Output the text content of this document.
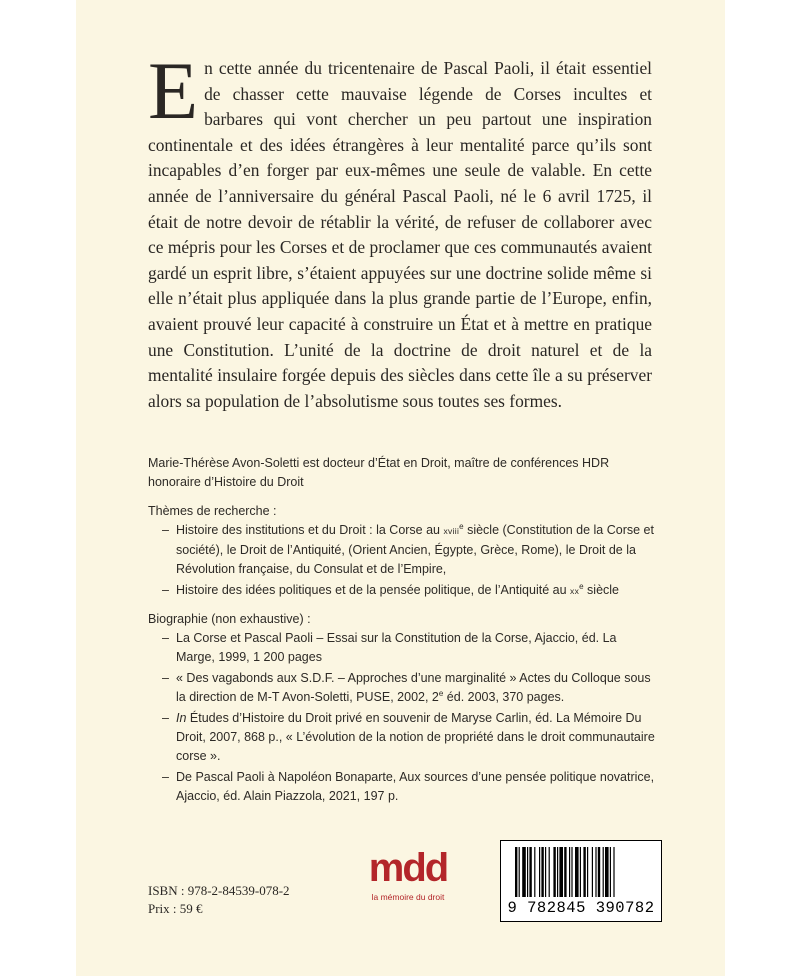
En cette année du tricentenaire de Pascal Paoli, il était essentiel de chasser cette mauvaise légende de Corses incultes et barbares qui vont chercher un peu partout une inspiration continentale et des idées étrangères à leur mentalité parce qu’ils sont incapables d’en forger par eux-mêmes une seule de valable. En cette année de l’anniversaire du général Pascal Paoli, né le 6 avril 1725, il était de notre devoir de rétablir la vérité, de refuser de collaborer avec ce mépris pour les Corses et de proclamer que ces communautés avaient gardé un esprit libre, s’étaient appuyées sur une doctrine solide même si elle n’était plus appliquée dans la plus grande partie de l’Europe, enfin, avaient prouvé leur capacité à construire un État et à mettre en pratique une Constitution. L’unité de la doctrine de droit naturel et de la mentalité insulaire forgée depuis des siècles dans cette île a su préserver alors sa population de l’absolutisme sous toutes ses formes.

Marie-Thérèse Avon-Soletti est docteur d’État en Droit, maître de conférences HDR honoraire d’Histoire du Droit

Thèmes de recherche :
– Histoire des institutions et du Droit : la Corse au xviii$^e$ siècle (Constitution de la Corse et société), le Droit de l’Antiquité, (Orient Ancien, Égypte, Grèce, Rome), le Droit de la Révolution française, du Consulat et de l’Empire,
– Histoire des idées politiques et de la pensée politique, de l’Antiquité au $xx^e$ siècle
Biographie (non exhaustive) :
– La Corse et Pascal Paoli – Essai sur la Constitution de la Corse, Ajaccio, éd. La Marge, 1999, 1 200 pages
– « Des vagabonds aux S.D.F. – Approches d’une marginalité » Actes du Colloque sous la direction de M-T Avon-Soletti, PUSE, 2002, 2e éd. 2003, 370 pages.
– In Études d’Histoire du Droit privé en souvenir de Maryse Carlin, éd. La Mémoire Du Droit, 2007, 868 p., « L’évolution de la notion de propriété dans le droit communautaire corse ».
– De Pascal Paoli à Napoléon Bonaparte, Aux sources d’une pensée politique novatrice, Ajaccio, éd. Alain Piazzola, 2021, 197 p.
ISBN : 978-2-84539-078-2
Prix : 59 €
mdd
la mémoire du droit
9 782845 390782
